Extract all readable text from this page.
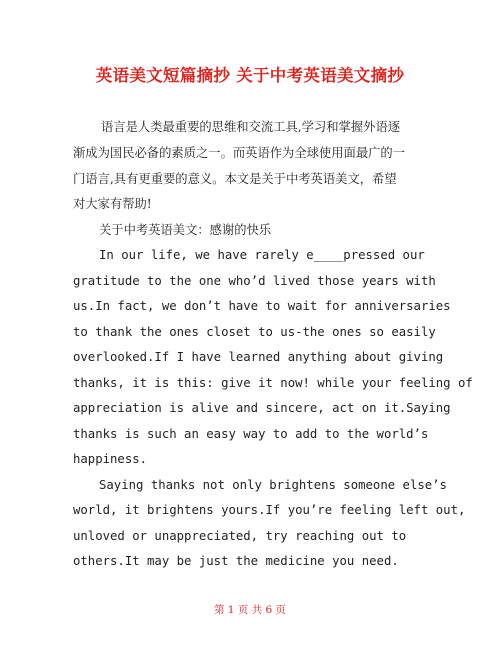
英语美文短篇摘抄 关于中考英语美文摘抄
语言是人类最重要的思维和交流工具,学习和掌握外语逐
渐成为国民必备的素质之一。而英语作为全球使用面最广的一
门语言,具有更重要的意义。本文是关于中考英语美文，希望
对大家有帮助!
关于中考英语美文：感谢的快乐
In our life, we have rarely e____pressed our
gratitude to the one who’d lived those years with
us.In fact, we don’t have to wait for anniversaries
to thank the ones closet to us-the ones so easily
overlooked.If I have learned anything about giving
thanks, it is this: give it now! while your feeling of
appreciation is alive and sincere, act on it.Saying
thanks is such an easy way to add to the world’s
happiness.
Saying thanks not only brightens someone else’s
world, it brightens yours.If you’re feeling left out,
unloved or unappreciated, try reaching out to
others.It may be just the medicine you need.
第 1 页 共 6 页
